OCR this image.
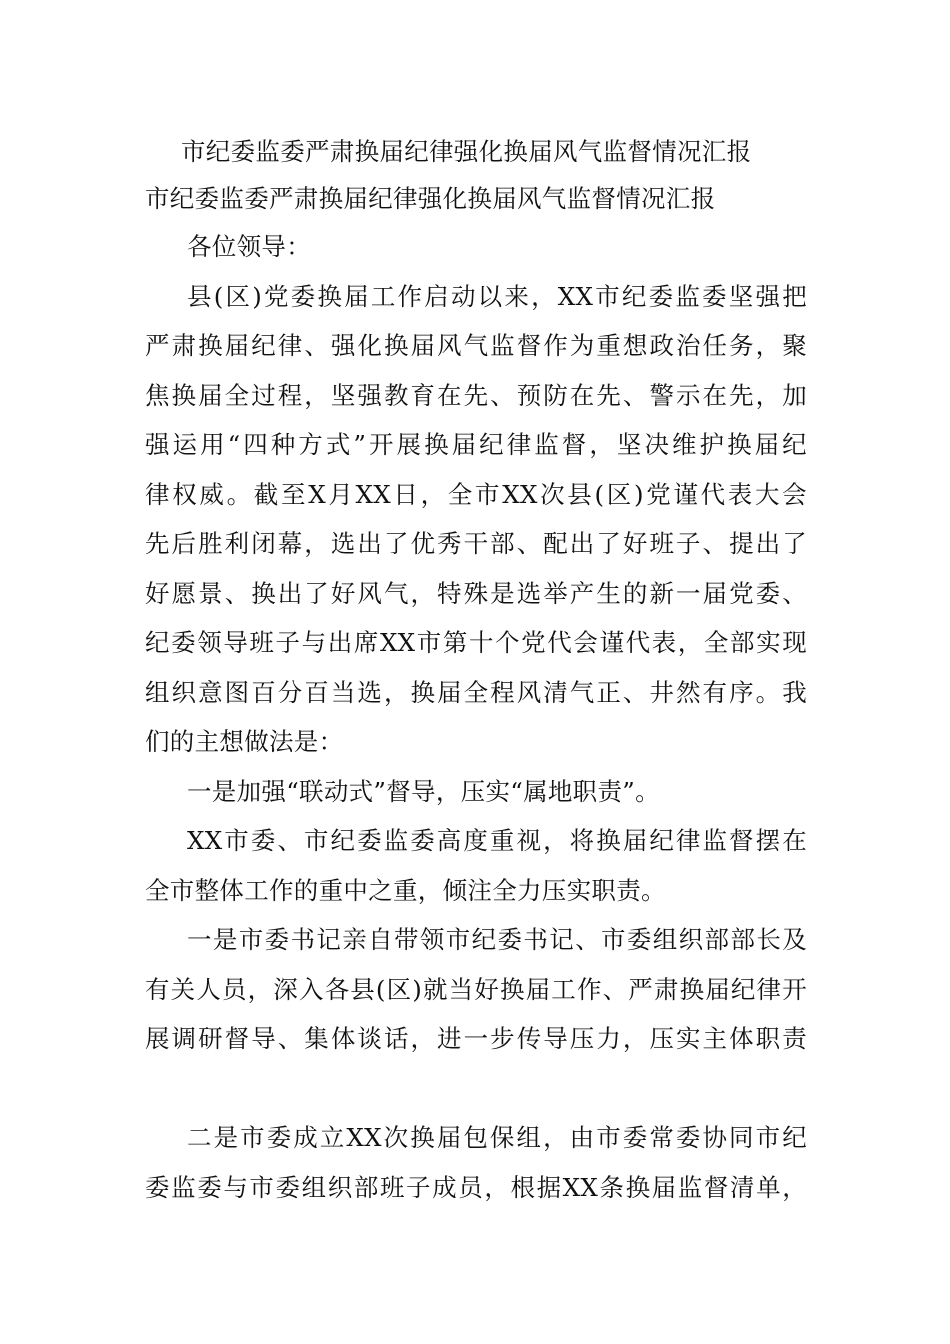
市纪委监委严肃换届纪律强化换届风气监督情况汇报
市纪委监委严肃换届纪律强化换届风气监督情况汇报
各位领导：
县(区)党委换届工作启动以来，XX市纪委监委坚强把
严肃换届纪律、强化换届风气监督作为重想政治任务，聚
焦换届全过程，坚强教育在先、预防在先、警示在先，加
强运用“四种方式”开展换届纪律监督，坚决维护换届纪
律权威。截至X月XX日，全市XX次县(区)党谨代表大会
先后胜利闭幕，选出了优秀干部、配出了好班子、提出了
好愿景、换出了好风气，特殊是选举产生的新一届党委、
纪委领导班子与出席XX市第十个党代会谨代表，全部实现
组织意图百分百当选，换届全程风清气正、井然有序。我
们的主想做法是：
一是加强“联动式”督导，压实“属地职责”。
XX市委、市纪委监委高度重视，将换届纪律监督摆在
全市整体工作的重中之重，倾注全力压实职责。
一是市委书记亲自带领市纪委书记、市委组织部部长及
有关人员，深入各县(区)就当好换届工作、严肃换届纪律开
展调研督导、集体谈话，进一步传导压力，压实主体职责
二是市委成立XX次换届包保组，由市委常委协同市纪
委监委与市委组织部班子成员，根据XX条换届监督清单，
